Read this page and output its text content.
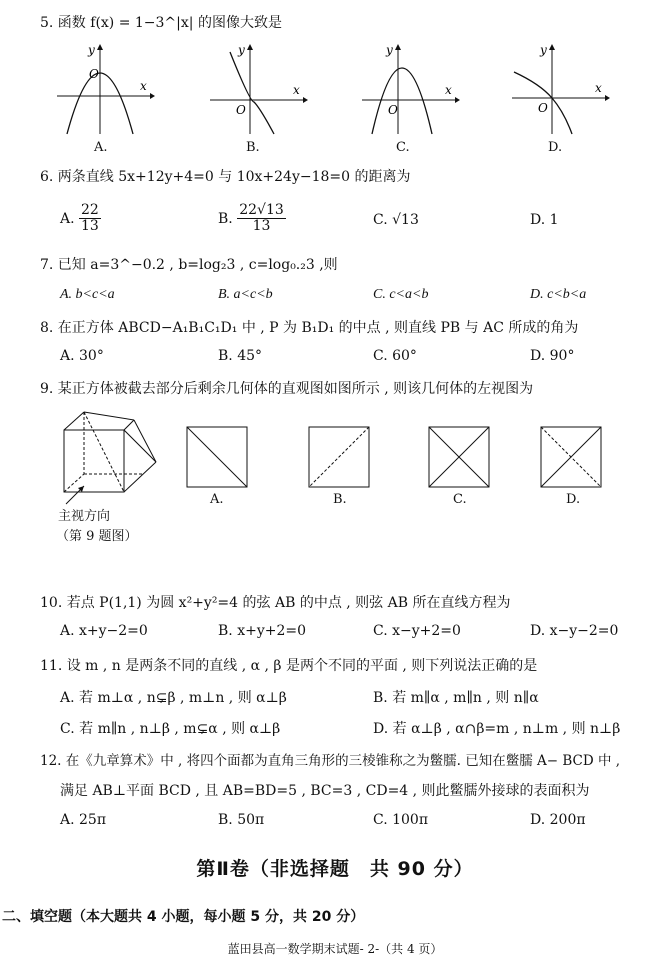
5. 函数 f(x) = 1−3^|x| 的图像大致是
y
x
O
A.
y
x
O
B.
y
x
O
C.
y
x
O
D.
6. 两条直线 5x+12y+4=0 与 10x+24y−18=0 的距离为
A. $\frac{22}{13}$	B. $\frac{22√13}{13}$	C. √13	D. 1
7. 已知 a=3^−0.2 , b=log₂3 , c=log₀.₂3 ,则
A. b<c<a	B. a<c<b	C. c<a<b	D. c<b<a
8. 在正方体 ABCD−A₁B₁C₁D₁ 中 , P 为 B₁D₁ 的中点 , 则直线 PB 与 AC 所成的角为
A. 30°	B. 45°	C. 60°	D. 90°
9. 某正方体被截去部分后剩余几何体的直观图如图所示 , 则该几何体的左视图为
主视方向
（第 9 题图）
A.	B.	C.	D.
10. 若点 P(1,1) 为圆 x²+y²=4 的弦 AB 的中点 , 则弦 AB 所在直线方程为
A. x+y−2=0	B. x+y+2=0	C. x−y+2=0	D. x−y−2=0
11. 设 m , n 是两条不同的直线 , α , β 是两个不同的平面 , 则下列说法正确的是
A. 若 m⊥α , n⊊β , m⊥n , 则 α⊥β	B. 若 m∥α , m∥n , 则 n∥α
C. 若 m∥n , n⊥β , m⊊α , 则 α⊥β	D. 若 α⊥β , α∩β=m , n⊥m , 则 n⊥β
12. 在《九章算术》中 , 将四个面都为直角三角形的三棱锥称之为鳖臑. 已知在鳖臑 A− BCD 中 ,
满足 AB⊥平面 BCD , 且 AB=BD=5 , BC=3 , CD=4 , 则此鳖臑外接球的表面积为
A. 25π	B. 50π	C. 100π	D. 200π
第Ⅱ卷（非选择题　共 90 分）
二、填空题（本大题共 4 小题，每小题 5 分，共 20 分）
蓝田县高一数学期末试题- 2-（共 4 页）
